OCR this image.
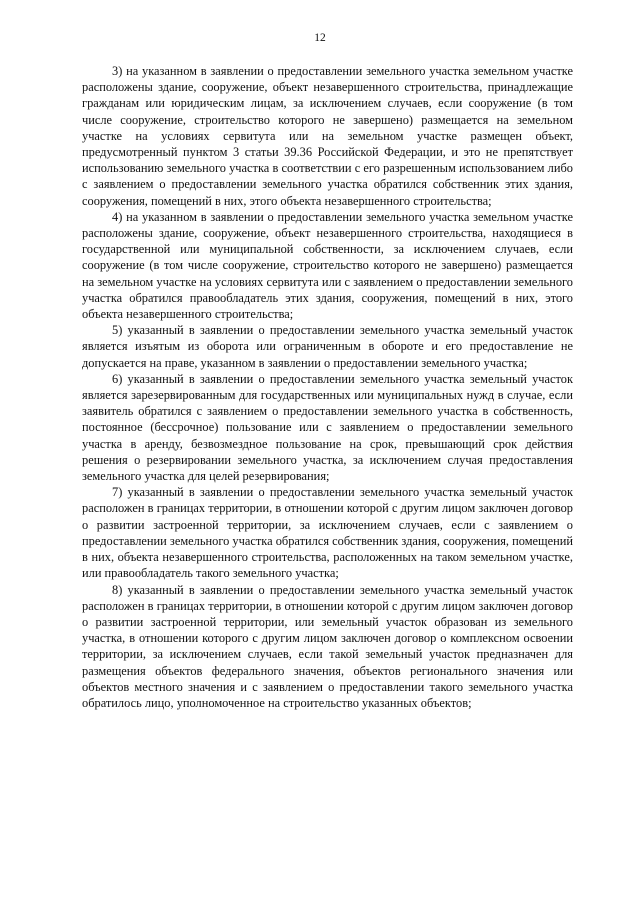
12

3) на указанном в заявлении о предоставлении земельного участка земельном участке расположены здание, сооружение, объект незавершенного строительства, принадлежащие гражданам или юридическим лицам, за исключением случаев, если сооружение (в том числе сооружение, строительство которого не завершено) размещается на земельном участке на условиях сервитута или на земельном участке размещен объект, предусмотренный пунктом 3 статьи 39.36 Российской Федерации, и это не препятствует использованию земельного участка в соответствии с его разрешенным использованием либо с заявлением о предоставлении земельного участка обратился собственник этих здания, сооружения, помещений в них, этого объекта незавершенного строительства;

4) на указанном в заявлении о предоставлении земельного участка земельном участке расположены здание, сооружение, объект незавершенного строительства, находящиеся в государственной или муниципальной собственности, за исключением случаев, если сооружение (в том числе сооружение, строительство которого не завершено) размещается на земельном участке на условиях сервитута или с заявлением о предоставлении земельного участка обратился правообладатель этих здания, сооружения, помещений в них, этого объекта незавершенного строительства;

5) указанный в заявлении о предоставлении земельного участка земельный участок является изъятым из оборота или ограниченным в обороте и его предоставление не допускается на праве, указанном в заявлении о предоставлении земельного участка;

6) указанный в заявлении о предоставлении земельного участка земельный участок является зарезервированным для государственных или муниципальных нужд в случае, если заявитель обратился с заявлением о предоставлении земельного участка в собственность, постоянное (бессрочное) пользование или с заявлением о предоставлении земельного участка в аренду, безвозмездное пользование на срок, превышающий срок действия решения о резервировании земельного участка, за исключением случая предоставления земельного участка для целей резервирования;

7) указанный в заявлении о предоставлении земельного участка земельный участок расположен в границах территории, в отношении которой с другим лицом заключен договор о развитии застроенной территории, за исключением случаев, если с заявлением о предоставлении земельного участка обратился собственник здания, сооружения, помещений в них, объекта незавершенного строительства, расположенных на таком земельном участке, или правообладатель такого земельного участка;

8) указанный в заявлении о предоставлении земельного участка земельный участок расположен в границах территории, в отношении которой с другим лицом заключен договор о развитии застроенной территории, или земельный участок образован из земельного участка, в отношении которого с другим лицом заключен договор о комплексном освоении территории, за исключением случаев, если такой земельный участок предназначен для размещения объектов федерального значения, объектов регионального значения или объектов местного значения и с заявлением о предоставлении такого земельного участка обратилось лицо, уполномоченное на строительство указанных объектов;
